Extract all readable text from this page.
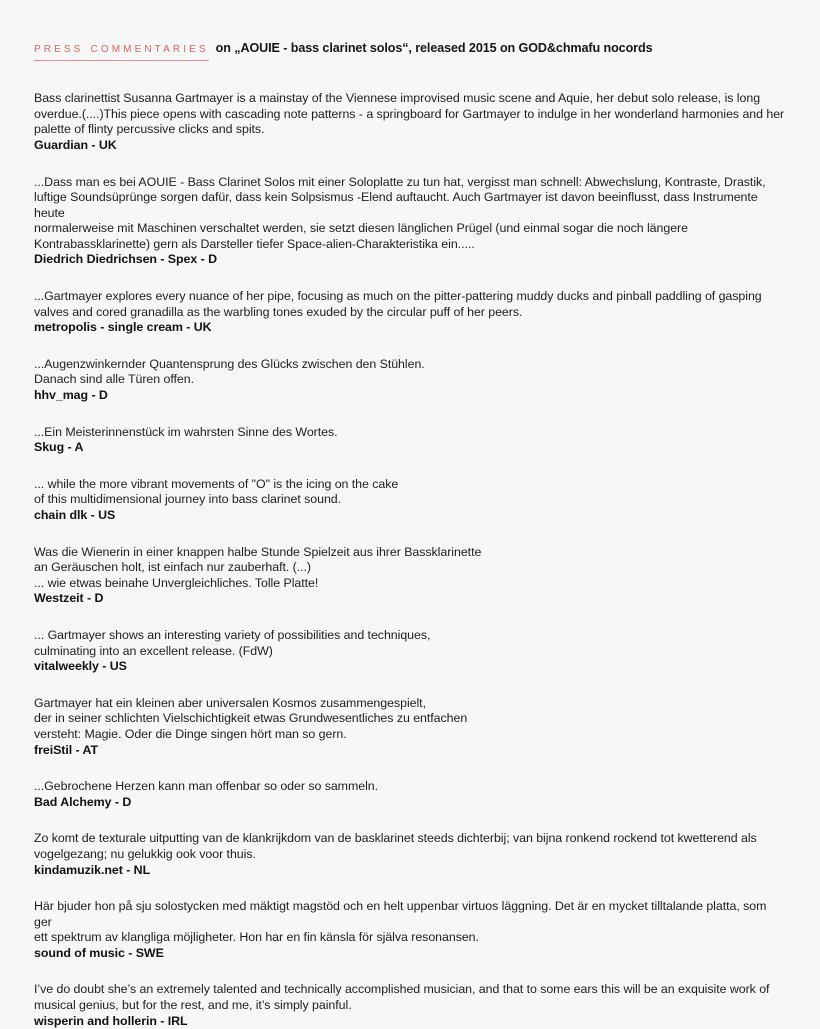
press commentaries on „AOUIE - bass clarinet solos“, released 2015 on GOD&chmafu nocords
Bass clarinettist Susanna Gartmayer is a mainstay of the Viennese improvised music scene and Aquie, her debut solo release, is long
overdue.(....)This piece opens with cascading note patterns - a springboard for Gartmayer to indulge in her wonderland harmonies and her
palette of flinty percussive clicks and spits.
Guardian - UK
...Dass man es bei AOUIE - Bass Clarinet Solos mit einer Soloplatte zu tun hat, vergisst man schnell: Abwechslung, Kontraste, Drastik,
luftige Soundsüprünge sorgen dafür, dass kein Solpsismus -Elend auftaucht. Auch Gartmayer ist davon beeinflusst, dass Instrumente heute
normalerweise mit Maschinen verschaltet werden, sie setzt diesen länglichen Prügel (und einmal sogar die noch längere
Kontrabassklarinette) gern als Darsteller tiefer Space-alien-Charakteristika ein.....
Diedrich Diedrichsen - Spex - D
...Gartmayer explores every nuance of her pipe, focusing as much on the pitter-pattering muddy ducks and pinball paddling of gasping
valves and cored granadilla as the warbling tones exuded by the circular puff of her peers.
metropolis - single cream - UK
...Augenzwinkernder Quantensprung des Glücks zwischen den Stühlen.
Danach sind alle Türen offen.
hhv_mag - D
...Ein Meisterinnenstück im wahrsten Sinne des Wortes.
Skug - A
... while the more vibrant movements of "O" is the icing on the cake
of this multidimensional journey into bass clarinet sound.
chain dlk - US
Was die Wienerin in einer knappen halbe Stunde Spielzeit aus ihrer Bassklarinette
an Geräuschen holt, ist einfach nur zauberhaft. (...)
... wie etwas beinahe Unvergleichliches. Tolle Platte!
Westzeit - D
... Gartmayer shows an interesting variety of possibilities and techniques,
culminating into an excellent release. (FdW)
vitalweekly - US
Gartmayer hat ein kleinen aber universalen Kosmos zusammengespielt,
der in seiner schlichten Vielschichtigkeit etwas Grundwesentliches zu entfachen
versteht: Magie. Oder die Dinge singen hört man so gern.
freiStil - AT
...Gebrochene Herzen kann man offenbar so oder so sammeln.
Bad Alchemy - D
Zo komt de texturale uitputting van de klankrijkdom van de basklarinet steeds dichterbij; van bijna ronkend rockend tot kwetterend als
vogelgezang; nu gelukkig ook voor thuis.
kindamuzik.net - NL
Här bjuder hon på sju solostycken med mäktigt magstöd och en helt uppenbar virtuos läggning. Det är en mycket tilltalande platta, som ger
ett spektrum av klangliga möjligheter. Hon har en fin känsla för själva resonansen.
sound of music - SWE
I’ve do doubt she’s an extremely talented and technically accomplished musician, and that to some ears this will be an exquisite work of
musical genius, but for the rest, and me, it’s simply painful.
wisperin and hollerin - IRL
